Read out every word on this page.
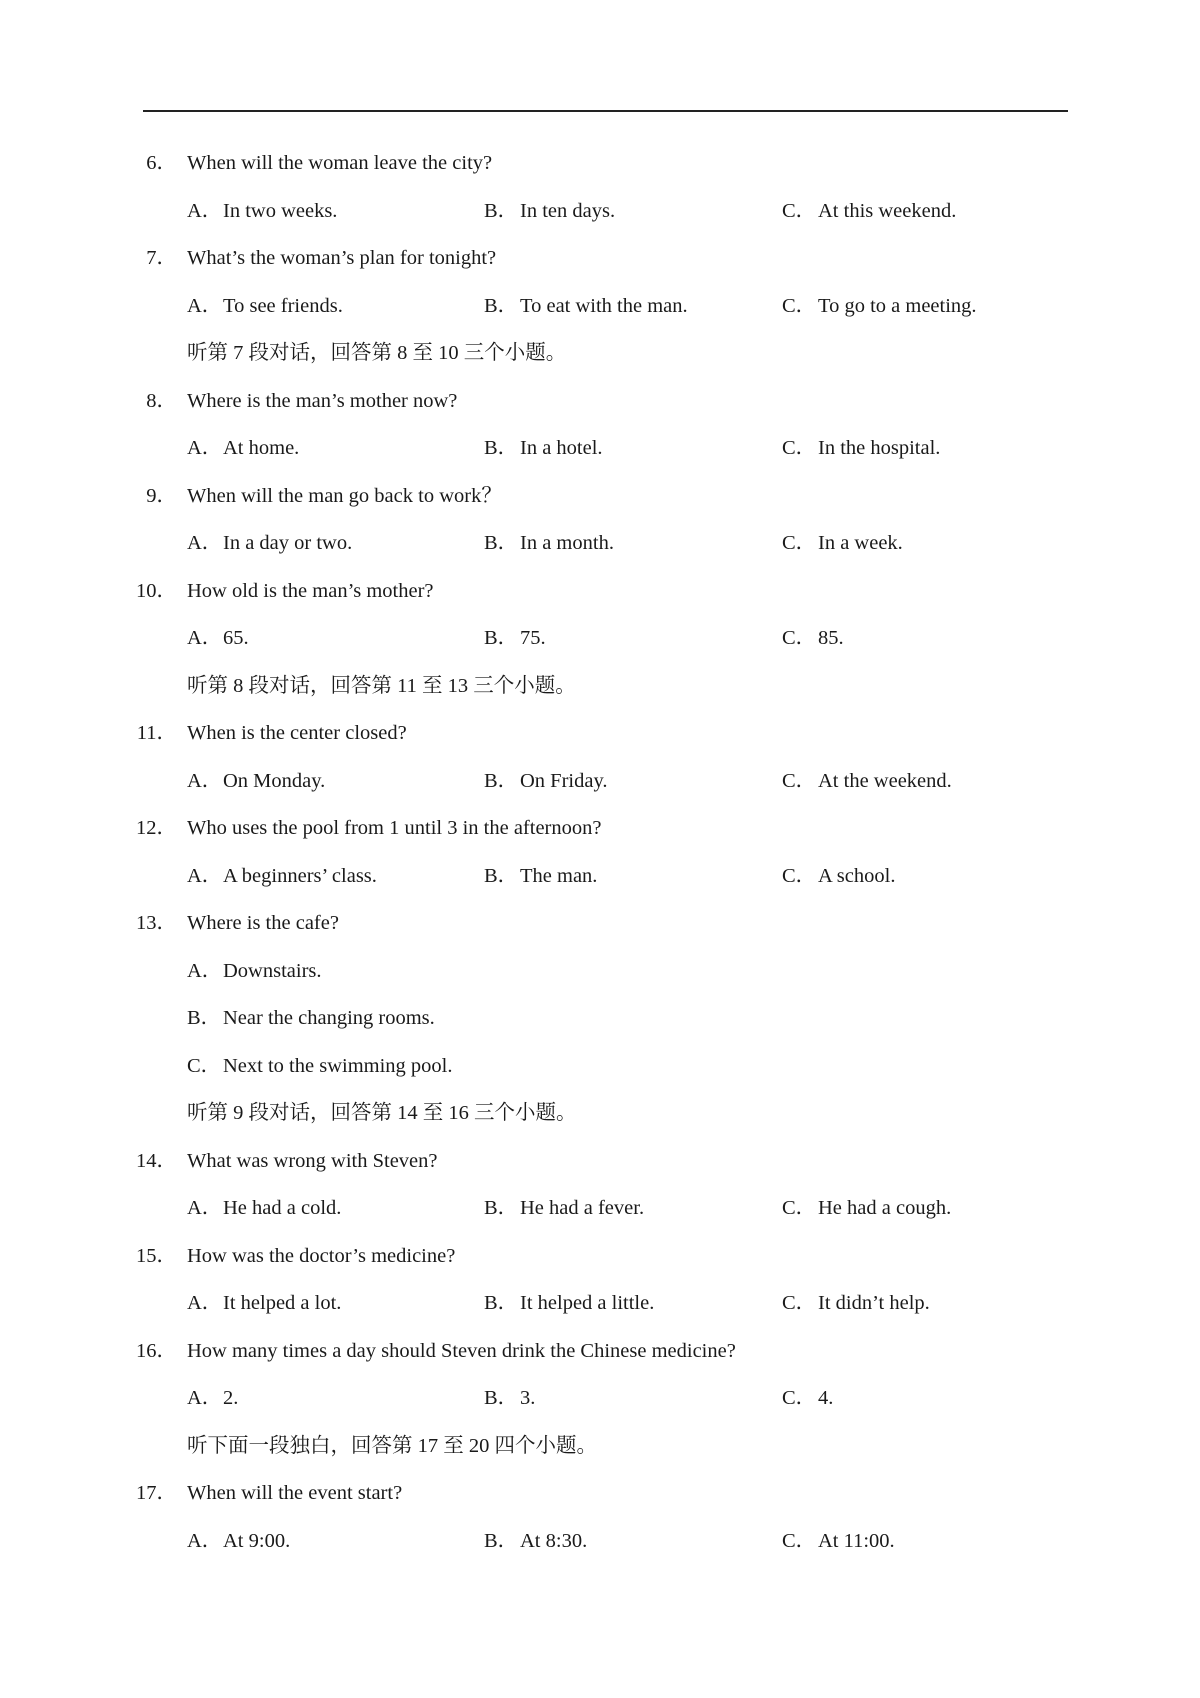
6． When will the woman leave the city?
A．In two weeks.	B．In ten days.	C．At this weekend.
7． What’s the woman’s plan for tonight?
A．To see friends.	B．To eat with the man.	C．To go to a meeting.
听第 7 段对话，回答第 8 至 10 三个小题。
8． Where is the man’s mother now?
A．At home.	B．In a hotel.	C．In the hospital.
9． When will the man go back to work？
A．In a day or two.	B．In a month.	C．In a week.
10． How old is the man’s mother?
A．65.	B．75.	C．85.
听第 8 段对话，回答第 11 至 13 三个小题。
11． When is the center closed?
A．On Monday.	B．On Friday.	C．At the weekend.
12． Who uses the pool from 1 until 3 in the afternoon?
A．A beginners’ class.	B．The man.	C．A school.
13． Where is the cafe?
A．Downstairs.
B．Near the changing rooms.
C．Next to the swimming pool.
听第 9 段对话，回答第 14 至 16 三个小题。
14． What was wrong with Steven?
A．He had a cold.	B．He had a fever.	C．He had a cough.
15． How was the doctor’s medicine?
A．It helped a lot.	B．It helped a little.	C．It didn’t help.
16． How many times a day should Steven drink the Chinese medicine?
A．2.	B．3.	C．4.
听下面一段独白，回答第 17 至 20 四个小题。
17． When will the event start?
A．At 9:00.	B．At 8:30.	C．At 11:00.
